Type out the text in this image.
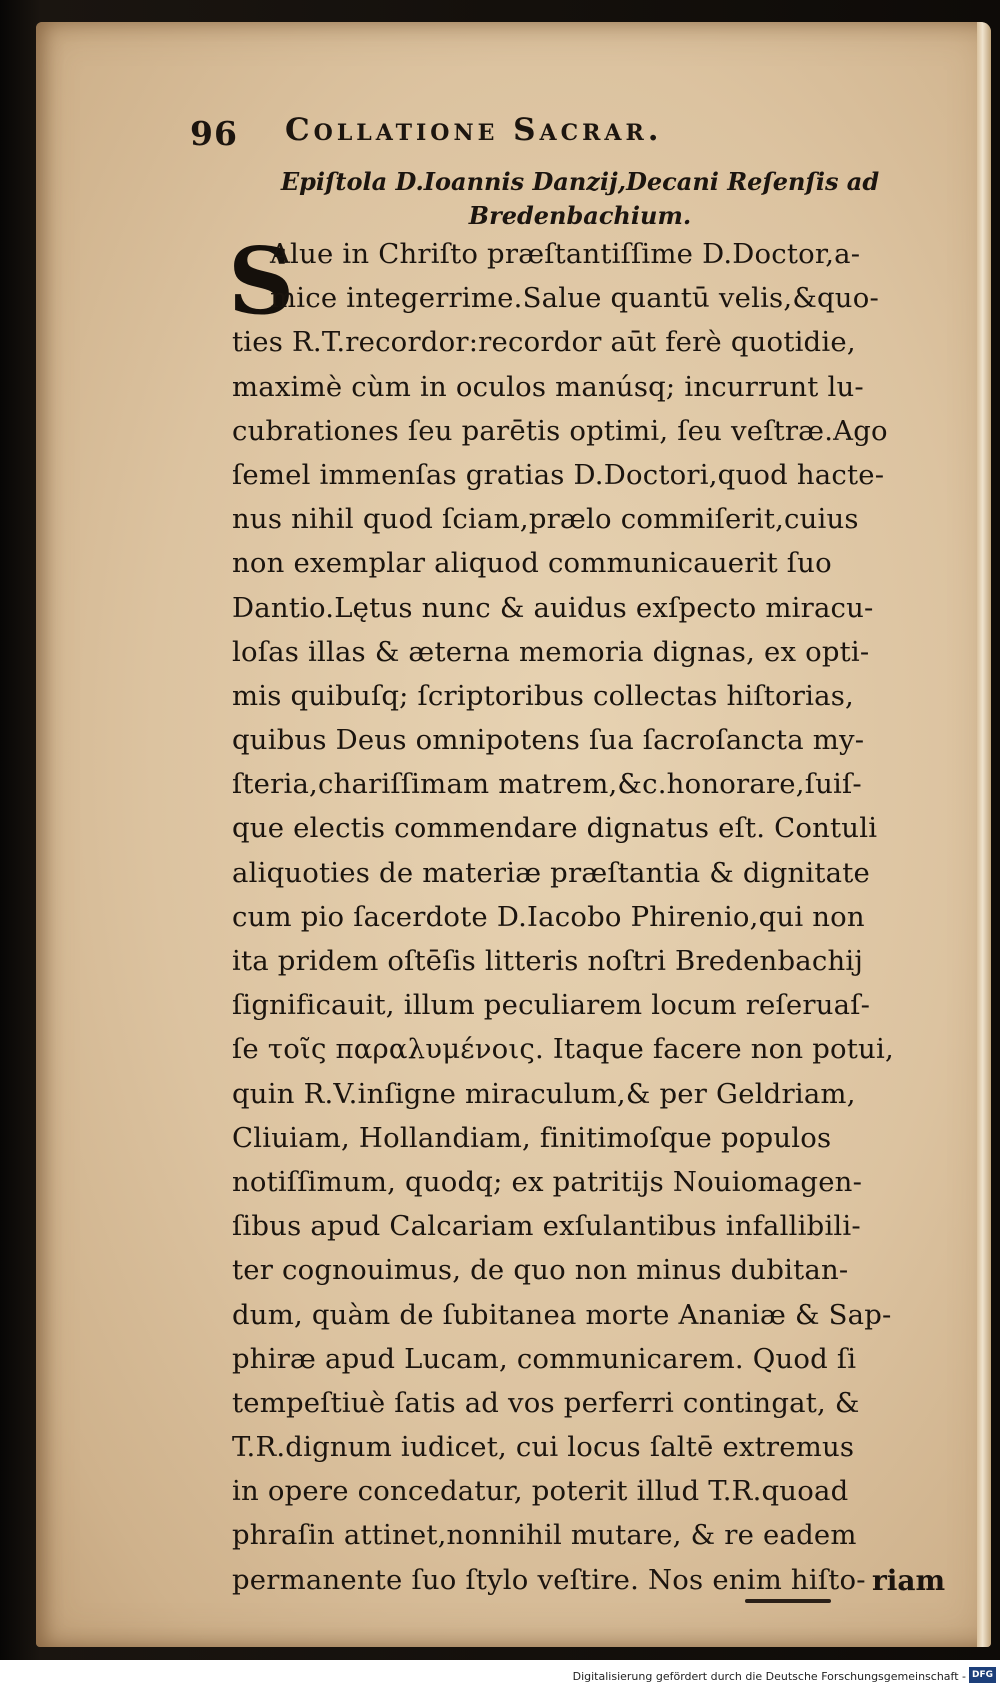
96 Collatione Sacrar.
Epiſtola D.Ioannis Danzij,Decani Reſenſis ad
Bredenbachium.
S
Alue in Chriſto præſtantiſſime D.Doctor,a-
mice integerrime.Salue quantū velis,&quo-
ties R.T.recordor:recordor aūt ferè quotidie,
maximè cùm in oculos manúsq; incurrunt lu-
cubrationes ſeu parētis optimi, ſeu veſtræ.Ago
ſemel immenſas gratias D.Doctori,quod hacte-
nus nihil quod ſciam,prælo commiſerit,cuius
non exemplar aliquod communicauerit ſuo
Dantio.Lętus nunc & auidus exſpecto miracu-
loſas illas & æterna memoria dignas, ex opti-
mis quibuſq; ſcriptoribus collectas hiſtorias,
quibus Deus omnipotens ſua ſacroſancta my-
ſteria,chariſſimam matrem,&c.honorare,ſuiſ-
que electis commendare dignatus eſt. Contuli
aliquoties de materiæ præſtantia & dignitate
cum pio ſacerdote D.Iacobo Phirenio,qui non
ita pridem oſtēſis litteris noſtri Bredenbachij
ſignificauit, illum peculiarem locum reſeruaſ-
ſe τοῖς παραλυμένοις. Itaque facere non potui,
quin R.V.inſigne miraculum,& per Geldriam,
Cliuiam, Hollandiam, finitimoſque populos
notiſſimum, quodq; ex patritijs Nouiomagen-
ſibus apud Calcariam exſulantibus infallibili-
ter cognouimus, de quo non minus dubitan-
dum, quàm de ſubitanea morte Ananiæ & Sap-
phiræ apud Lucam, communicarem. Quod ſi
tempeſtiuè ſatis ad vos perferri contingat, &
T.R.dignum iudicet, cui locus ſaltē extremus
in opere concedatur, poterit illud T.R.quoad
phraſin attinet,nonnihil mutare, & re eadem
permanente ſuo ſtylo veſtire. Nos enim hiſto- riam
Digitalisierung gefördert durch die Deutsche Forschungsgemeinschaft - DFG
